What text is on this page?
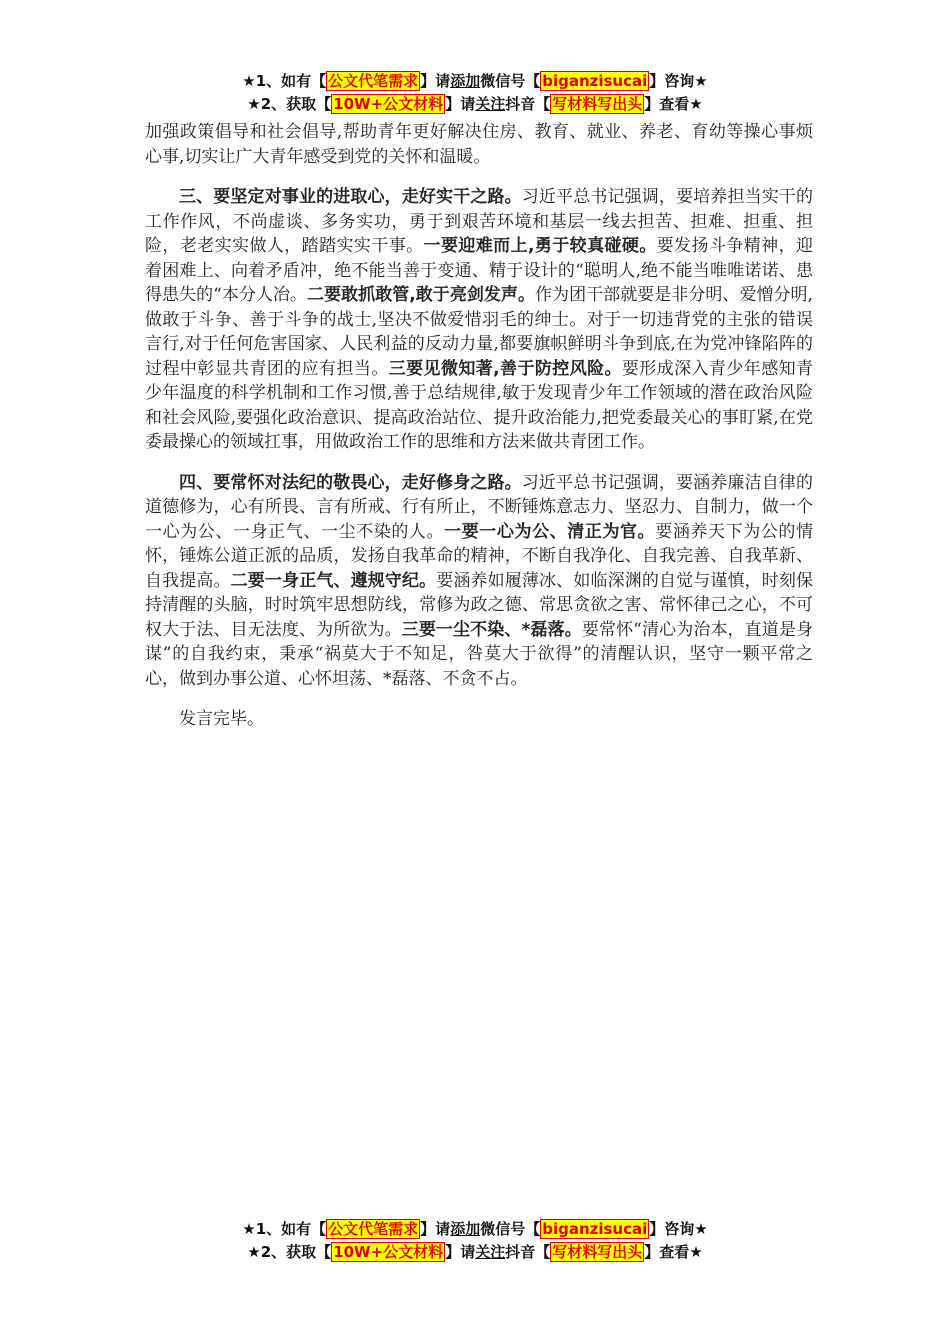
★1、如有【 公文代笔需求 】请添加微信号【 biganzisucai 】咨询★
★2、获取【 10W+公文材料 】请关注抖音【 写材料写出头 】查看★

加强政策倡导和社会倡导,帮助青年更好解决住房、教育、就业、养老、育幼等操心事烦心事,切实让广大青年感受到党的关怀和温暖。

三、要坚定对事业的进取心，走好实干之路。习近平总书记强调，要培养担当实干的工作作风，不尚虚谈、多务实功，勇于到艰苦环境和基层一线去担苦、担难、担重、担险，老老实实做人，踏踏实实干事。一要迎难而上,勇于较真碰硬。要发扬斗争精神，迎着困难上、向着矛盾冲，绝不能当善于变通、精于设计的“聪明人,绝不能当唯唯诺诺、患得患失的“本分人冶。二要敢抓敢管,敢于亮剑发声。作为团干部就要是非分明、爱憎分明,做敢于斗争、善于斗争的战士,坚决不做爱惜羽毛的绅士。对于一切违背党的主张的错误言行,对于任何危害国家、人民利益的反动力量,都要旗帜鲜明斗争到底,在为党冲锋陷阵的过程中彰显共青团的应有担当。三要见微知著,善于防控风险。要形成深入青少年感知青少年温度的科学机制和工作习惯,善于总结规律,敏于发现青少年工作领域的潜在政治风险和社会风险,要强化政治意识、提高政治站位、提升政治能力,把党委最关心的事盯紧,在党委最操心的领域扛事，用做政治工作的思维和方法来做共青团工作。

四、要常怀对法纪的敬畏心，走好修身之路。习近平总书记强调，要涵养廉洁自律的道德修为，心有所畏、言有所戒、行有所止，不断锤炼意志力、坚忍力、自制力，做一个一心为公、一身正气、一尘不染的人。一要一心为公、清正为官。要涵养天下为公的情怀，锤炼公道正派的品质，发扬自我革命的精神，不断自我净化、自我完善、自我革新、自我提高。二要一身正气、遵规守纪。要涵养如履薄冰、如临深渊的自觉与谨慎，时刻保持清醒的头脑，时时筑牢思想防线，常修为政之德、常思贪欲之害、常怀律己之心，不可权大于法、目无法度、为所欲为。三要一尘不染、*磊落。要常怀“清心为治本，直道是身谋”的自我约束，秉承“祸莫大于不知足，咎莫大于欲得”的清醒认识，坚守一颗平常之心，做到办事公道、心怀坦荡、*磊落、不贪不占。

发言完毕。

★1、如有【 公文代笔需求 】请添加微信号【 biganzisucai 】咨询★
★2、获取【 10W+公文材料 】请关注抖音【 写材料写出头 】查看★
